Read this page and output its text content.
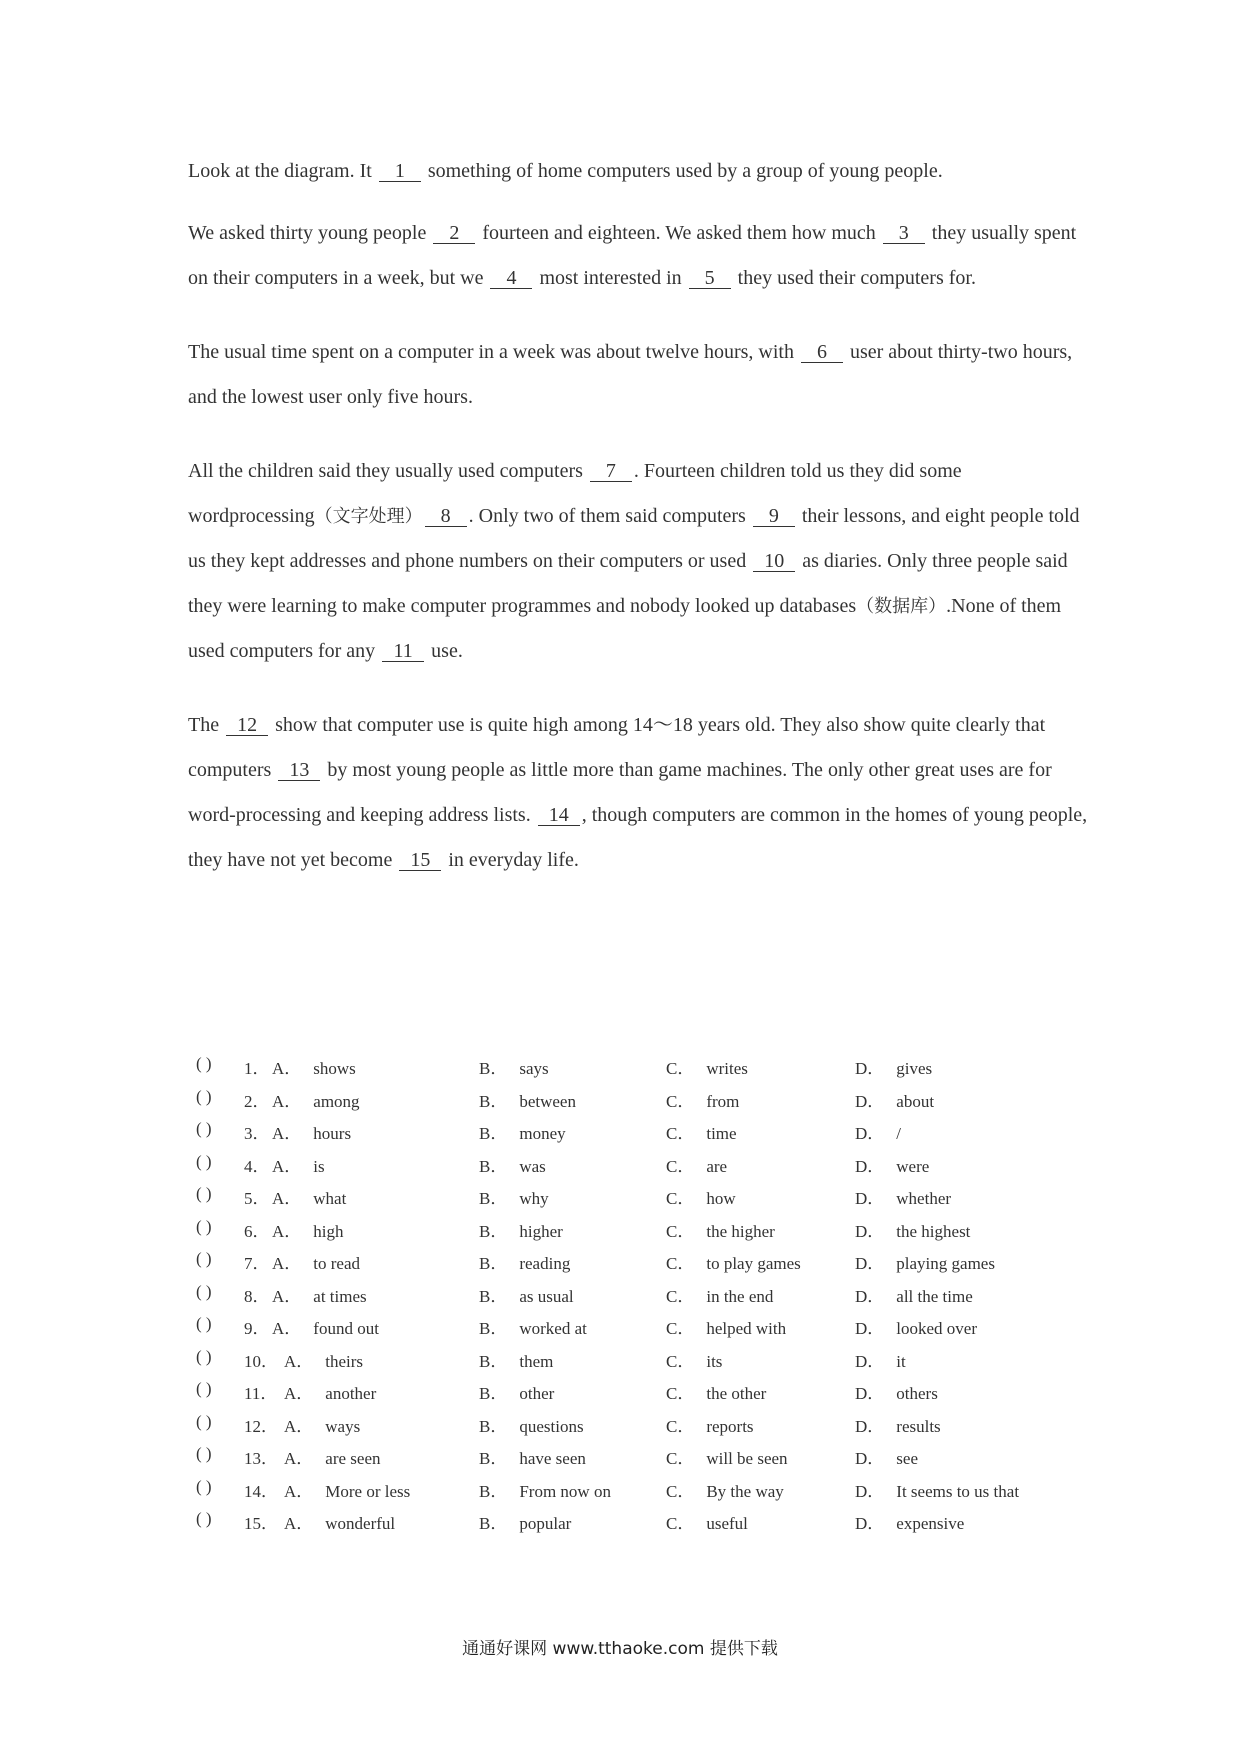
Look at the diagram. It 1 something of home computers used by a group of young people.

We asked thirty young people 2 fourteen and eighteen. We asked them how much 3 they usually spent on their computers in a week, but we 4 most interested in 5 they used their computers for.

The usual time spent on a computer in a week was about twelve hours, with 6 user about thirty-two hours, and the lowest user only five hours.

All the children said they usually used computers 7 . Fourteen children told us they did some wordprocessing（文字处理） 8 . Only two of them said computers 9 their lessons, and eight people told us they kept addresses and phone numbers on their computers or used 10 as diaries. Only three people said they were learning to make computer programmes and nobody looked up databases（数据库）.None of them used computers for any 11 use.

The 12 show that computer use is quite high among 14～18 years old. They also show quite clearly that computers 13 by most young people as little more than game machines. The only other great uses are for word-processing and keeping address lists. 14 , though computers are common in the homes of young people, they have not yet become 15 in everyday life.

( ) 1． A． shows	B． says	C． writes	D． gives
( ) 2． A． among	B． between	C． from	D． about
( ) 3． A． hours	B． money	C． time	D． /
( ) 4． A． is	B． was	C． are	D． were
( ) 5． A． what	B． why	C． how	D． whether
( ) 6． A． high	B． higher	C． the higher	D． the highest
( ) 7． A． to read	B． reading	C． to play games	D． playing games
( ) 8． A． at times	B． as usual	C． in the end	D． all the time
( ) 9． A． found out	B． worked at	C． helped with	D． looked over
( ) 10． A． theirs	B． them	C． its	D． it
( ) 11． A． another	B． other	C． the other	D． others
( ) 12． A． ways	B． questions	C． reports	D． results
( ) 13． A． are seen	B． have seen	C． will be seen	D． see
( ) 14． A． More or less	B． From now on	C． By the way	D． It seems to us that
( ) 15． A． wonderful	B． popular	C． useful	D． expensive
通通好课网 www.tthaoke.com 提供下载
